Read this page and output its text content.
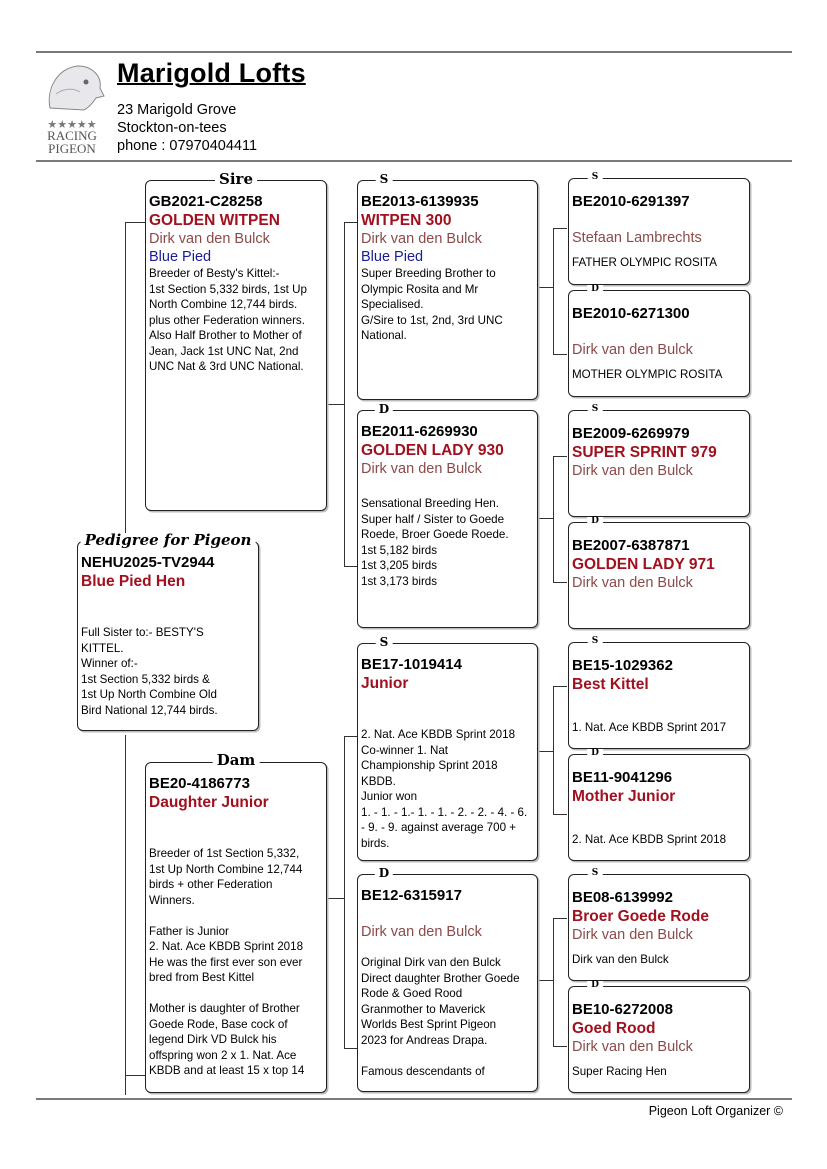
★★★★★
RACING
PIGEON
Marigold Lofts
23 Marigold Grove
Stockton-on-tees
phone : 07970404411
NEHU2025-TV2944
Blue Pied Hen
Full Sister to:- BESTY'S
KITTEL.
Winner of:-
1st Section 5,332 birds &
1st Up North Combine Old
Bird National 12,744 birds.
Pedigree for Pigeon
GB2021-C28258
GOLDEN WITPEN
Dirk van den Bulck
Blue Pied
Breeder of Besty's Kittel:-
1st Section 5,332 birds, 1st Up
North Combine 12,744 birds.
plus other Federation winners.
Also Half Brother to Mother of
Jean, Jack 1st UNC Nat, 2nd
UNC Nat & 3rd UNC National.
Sire
BE20-4186773
Daughter Junior
Breeder of 1st Section 5,332,
1st Up North Combine 12,744
birds + other Federation
Winners.

Father is Junior
2. Nat. Ace KBDB Sprint 2018
He was the first ever son ever
bred from Best Kittel

Mother is daughter of Brother
Goede Rode, Base cock of
legend Dirk VD Bulck his
offspring won 2 x 1. Nat. Ace
KBDB and at least 15 x top 14
Dam
BE2013-6139935
WITPEN 300
Dirk van den Bulck
Blue Pied
Super Breeding Brother to
Olympic Rosita and Mr
Specialised.
G/Sire to 1st, 2nd, 3rd UNC
National.
S
BE2011-6269930
GOLDEN LADY 930
Dirk van den Bulck
Sensational Breeding Hen.
Super half / Sister to Goede
Roede, Broer Goede Roede.
1st 5,182 birds
1st 3,205 birds
1st 3,173 birds
D
BE17-1019414
Junior
2. Nat. Ace KBDB Sprint 2018
Co-winner 1. Nat
Championship Sprint 2018
KBDB.
Junior won
1. - 1. - 1.- 1. - 1. - 2. - 2. - 4. - 6.
- 9. - 9. against average 700 +
birds.
S
BE12-6315917
Dirk van den Bulck
Original Dirk van den Bulck
Direct daughter Brother Goede
Rode & Goed Rood
Granmother to Maverick
Worlds Best Sprint Pigeon
2023 for Andreas Drapa.

Famous descendants of
D
BE2010-6291397
Stefaan Lambrechts
FATHER OLYMPIC ROSITA
S
BE2010-6271300
Dirk van den Bulck
MOTHER OLYMPIC ROSITA
D
BE2009-6269979
SUPER SPRINT 979
Dirk van den Bulck
S
BE2007-6387871
GOLDEN LADY 971
Dirk van den Bulck
D
BE15-1029362
Best Kittel
1. Nat. Ace KBDB Sprint 2017
S
BE11-9041296
Mother Junior
2. Nat. Ace KBDB Sprint 2018
D
BE08-6139992
Broer Goede Rode
Dirk van den Bulck
Dirk van den Bulck
S
BE10-6272008
Goed Rood
Dirk van den Bulck
Super Racing Hen
D
Pigeon Loft Organizer ©
